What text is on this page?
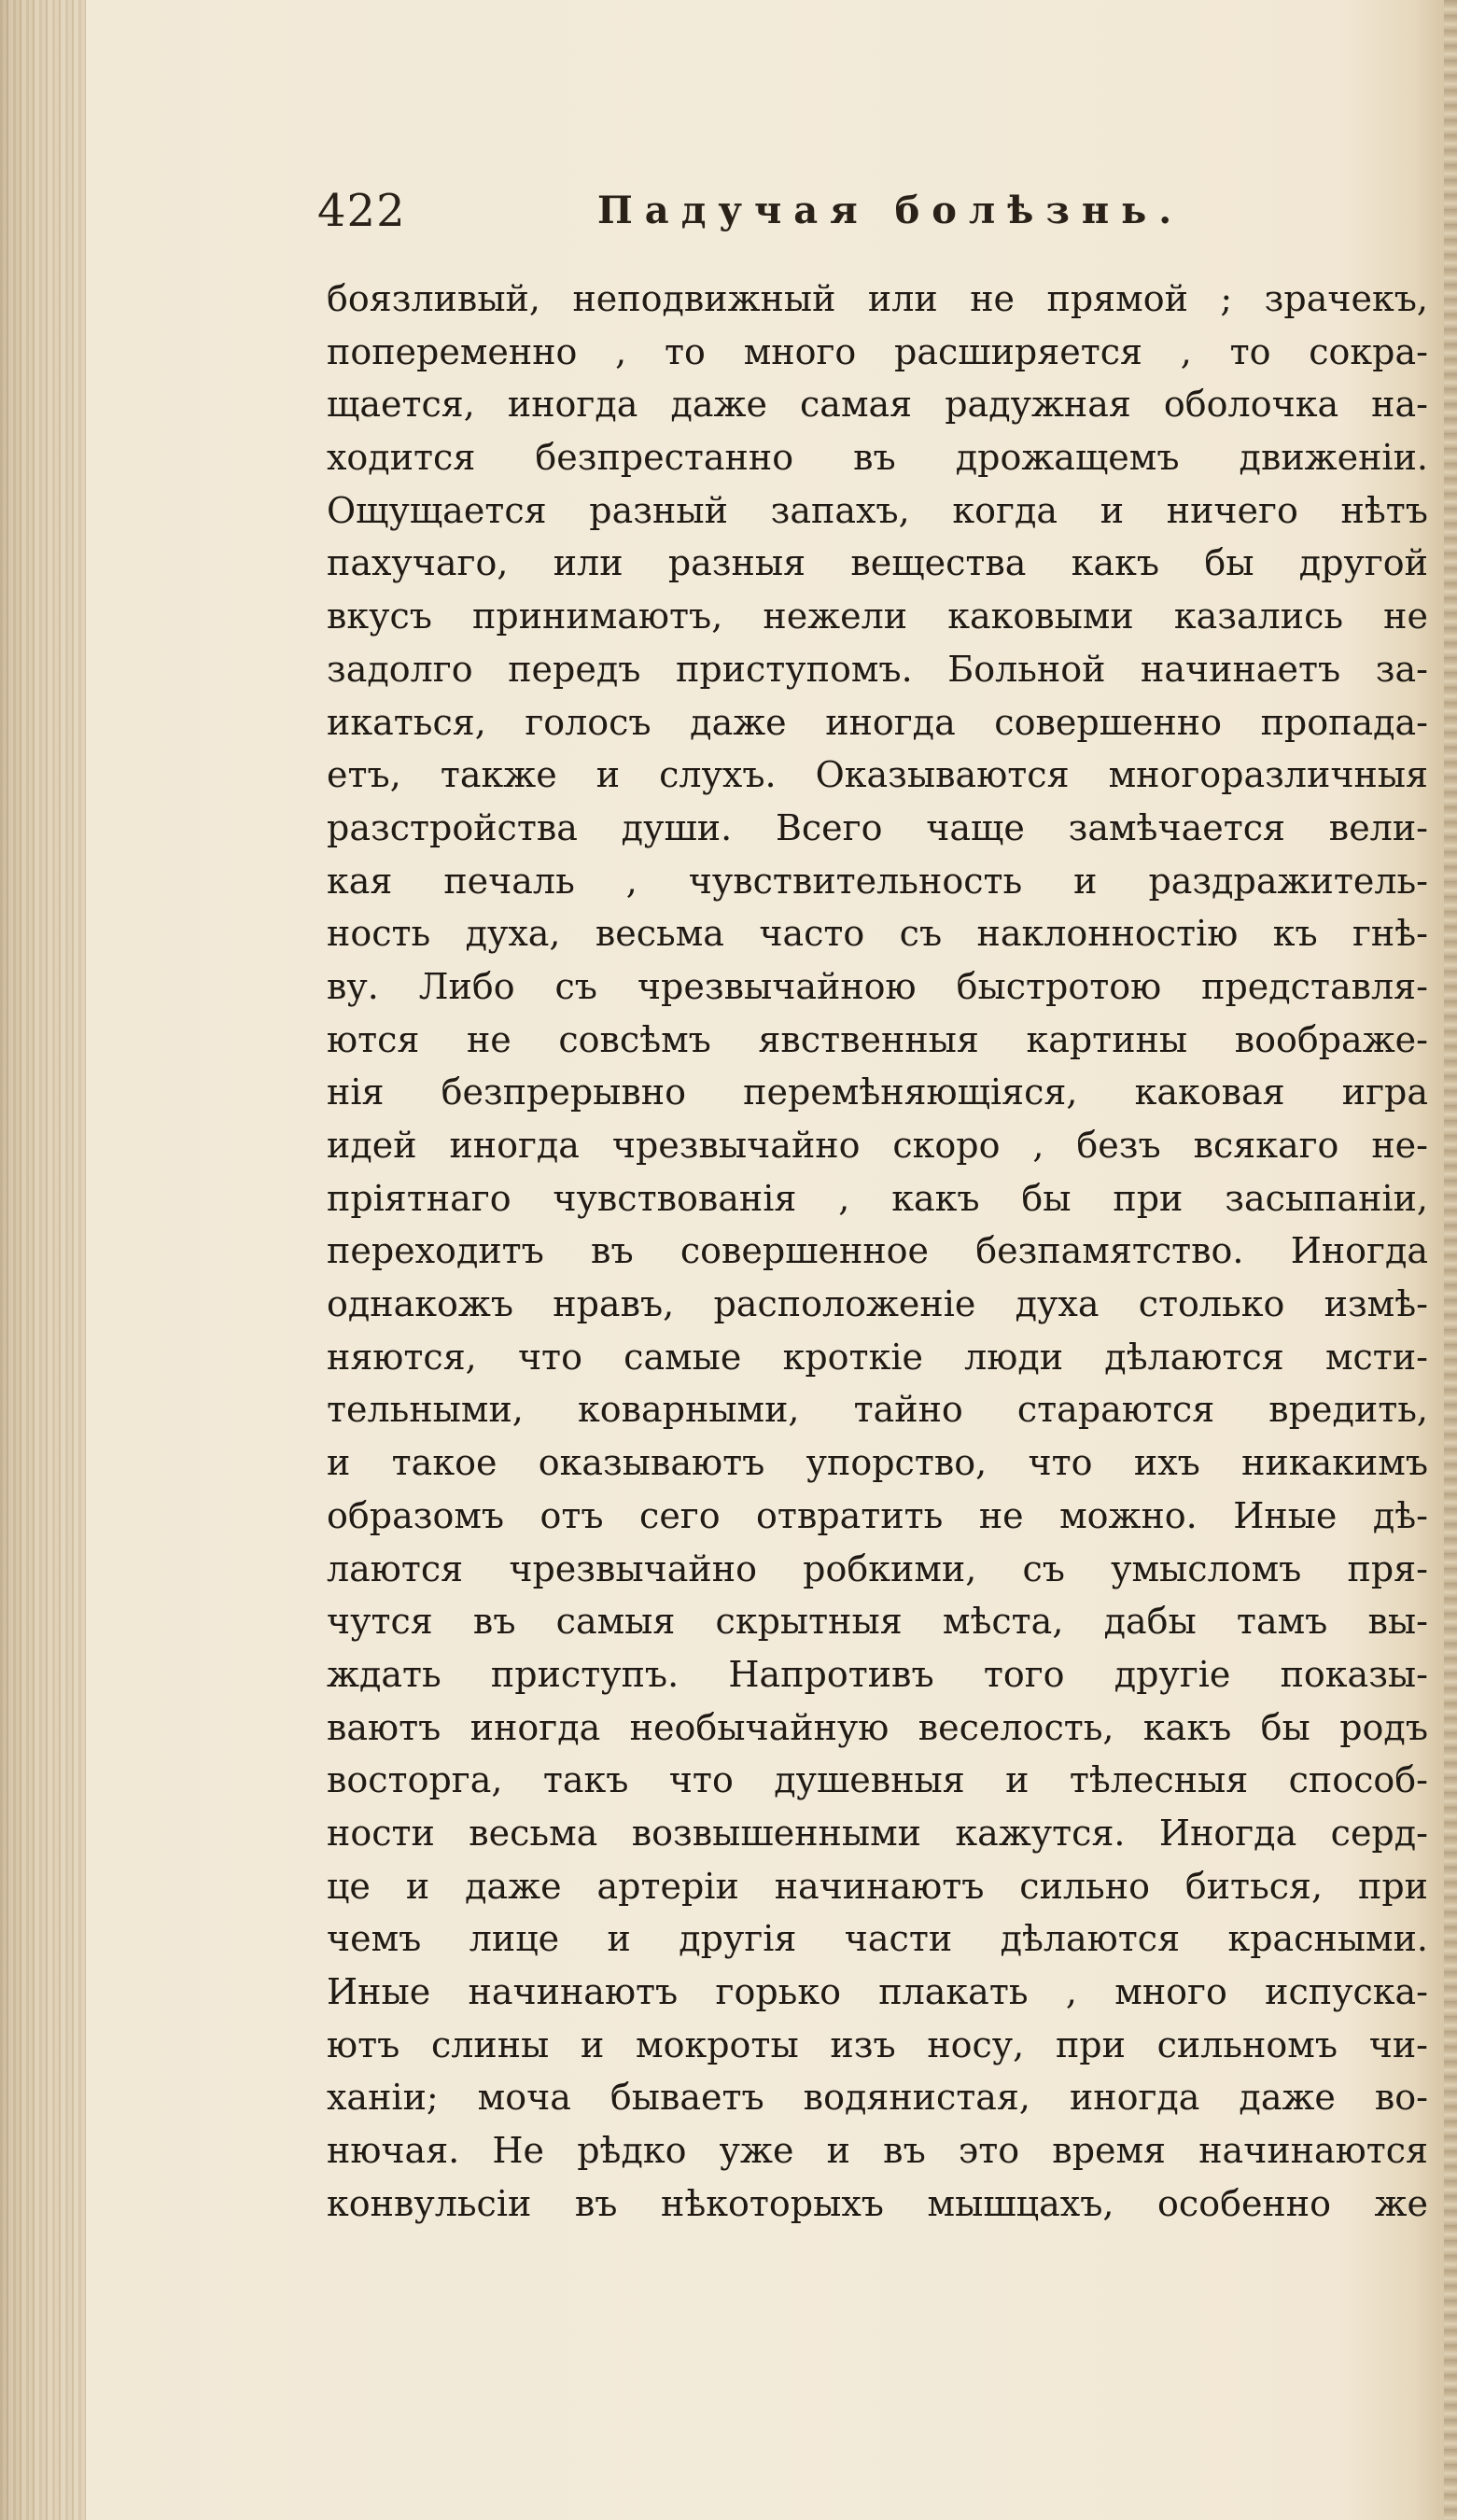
422	Падучая болѣзнь.
боязливый, неподвижный или не прямой ; зрачекъ,
попеременно , то много расширяется , то сокра-
щается, иногда даже самая радужная оболочка на-
ходится безпрестанно въ дрожащемъ движенiи.
Ощущается разный запахъ, когда и ничего нѣтъ
пахучаго, или разныя вещества какъ бы другой
вкусъ принимаютъ, нежели каковыми казались не
задолго передъ приступомъ. Больной начинаетъ за-
икаться, голосъ даже иногда совершенно пропада-
етъ, также и слухъ. Оказываются многоразличныя
разстройства души. Всего чаще замѣчается вели-
кая печаль , чувствительность и раздражитель-
ность духа, весьма часто съ наклонностiю къ гнѣ-
ву. Либо съ чрезвычайною быстротою представля-
ются не совсѣмъ явственныя картины воображе-
нiя безпрерывно перемѣняющiяся, каковая игра
идей иногда чрезвычайно скоро , безъ всякаго не-
прiятнаго чувствованiя , какъ бы при засыпанiи,
переходитъ въ совершенное безпамятство. Иногда
однакожъ нравъ, расположенiе духа столько измѣ-
няются, что самые кроткiе люди дѣлаются мсти-
тельными, коварными, тайно стараются вредить,
и такое оказываютъ упорство, что ихъ никакимъ
образомъ отъ сего отвратить не можно. Иные дѣ-
лаются чрезвычайно робкими, съ умысломъ пря-
чутся въ самыя скрытныя мѣста, дабы тамъ вы-
ждать приступъ. Напротивъ того другiе показы-
ваютъ иногда необычайную веселость, какъ бы родъ
восторга, такъ что душевныя и тѣлесныя способ-
ности весьма возвышенными кажутся. Иногда серд-
це и даже артерiи начинаютъ сильно биться, при
чемъ лице и другiя части дѣлаются красными.
Иные начинаютъ горько плакать , много испуска-
ютъ слины и мокроты изъ носу, при сильномъ чи-
ханiи; моча бываетъ водянистая, иногда даже во-
нючая. Не рѣдко уже и въ это время начинаются
конвульсiи въ нѣкоторыхъ мышцахъ, особенно же
